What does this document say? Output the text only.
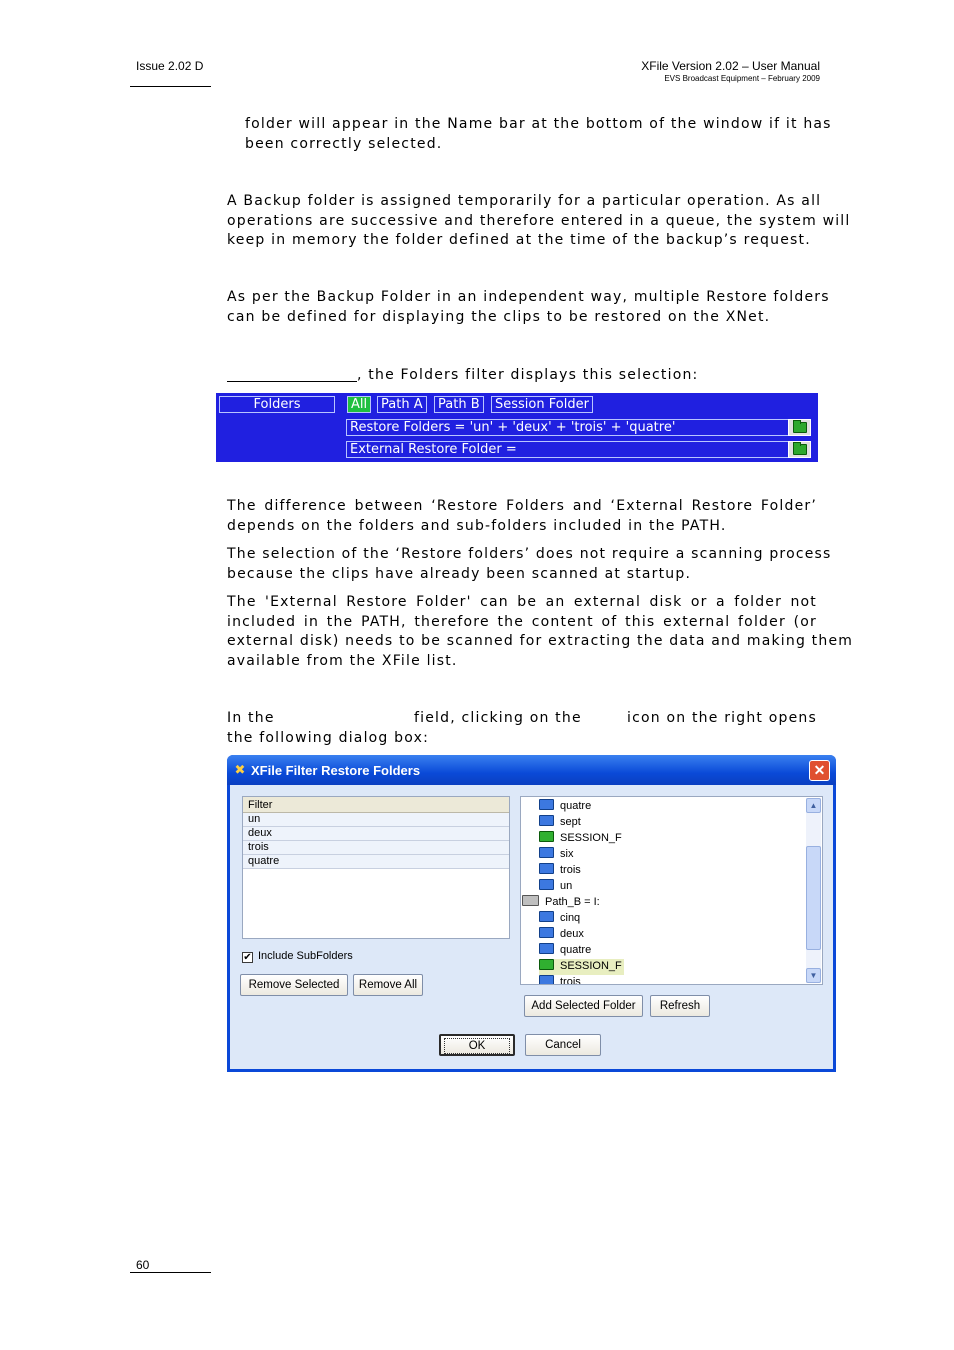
Issue 2.02 D	XFile Version 2.02 – User Manual
EVS Broadcast Equipment – February 2009
folder will appear in the Name bar at the bottom of the window if it has
been correctly selected.
A Backup folder is assigned temporarily for a particular operation. As all
operations are successive and therefore entered in a queue, the system will
keep in memory the folder defined at the time of the backup’s request.
As per the Backup Folder in an independent way, multiple Restore folders
can be defined for displaying the clips to be restored on the XNet.
, the Folders filter displays this selection:
Folders	All	Path A	Path B	Session Folder
Restore Folders = 'un' + 'deux' + 'trois' + 'quatre'
External Restore Folder =
The difference between ‘Restore Folders and ‘External Restore Folder’
depends on the folders and sub-folders included in the PATH.
The selection of the ‘Restore folders’ does not require a scanning process
because the clips have already been scanned at startup.
The 'External Restore Folder' can be an external disk or a folder not
included in the PATH, therefore the content of this external folder (or
external disk) needs to be scanned for extracting the data and making them
available from the XFile list.
In the	field, clicking on the	icon on the right opens
the following dialog box:
✖ XFile Filter Restore Folders	✕
Filter
un
deux
trois
quatre
✔ Include SubFolders
Remove Selected	Remove All
quatre
sept
SESSION_F
six
trois
un
Path_B = I:
cinq
deux
quatre
SESSION_F
trois
▲
▼
Add Selected Folder	Refresh
OK	Cancel
60
